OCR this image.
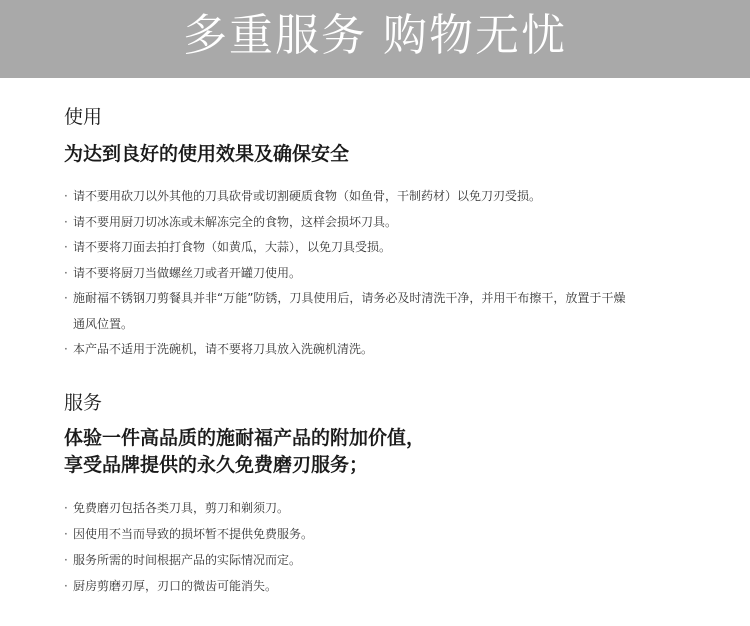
多重服务 购物无忧
使用
为达到良好的使用效果及确保安全
· 请不要用砍刀以外其他的刀具砍骨或切割硬质食物（如鱼骨，干制药材）以免刀刃受损。
· 请不要用厨刀切冰冻或未解冻完全的食物，这样会损坏刀具。
· 请不要将刀面去拍打食物（如黄瓜，大蒜），以免刀具受损。
· 请不要将厨刀当做螺丝刀或者开罐刀使用。
· 施耐福不锈钢刀剪餐具并非“万能”防锈，刀具使用后，请务必及时清洗干净，并用干布擦干，放置于干燥通风位置。
· 本产品不适用于洗碗机，请不要将刀具放入洗碗机清洗。
服务
体验一件高品质的施耐福产品的附加价值，
享受品牌提供的永久免费磨刃服务；
· 免费磨刃包括各类刀具，剪刀和剃须刀。
· 因使用不当而导致的损坏暂不提供免费服务。
· 服务所需的时间根据产品的实际情况而定。
· 厨房剪磨刃厚，刃口的微齿可能消失。
